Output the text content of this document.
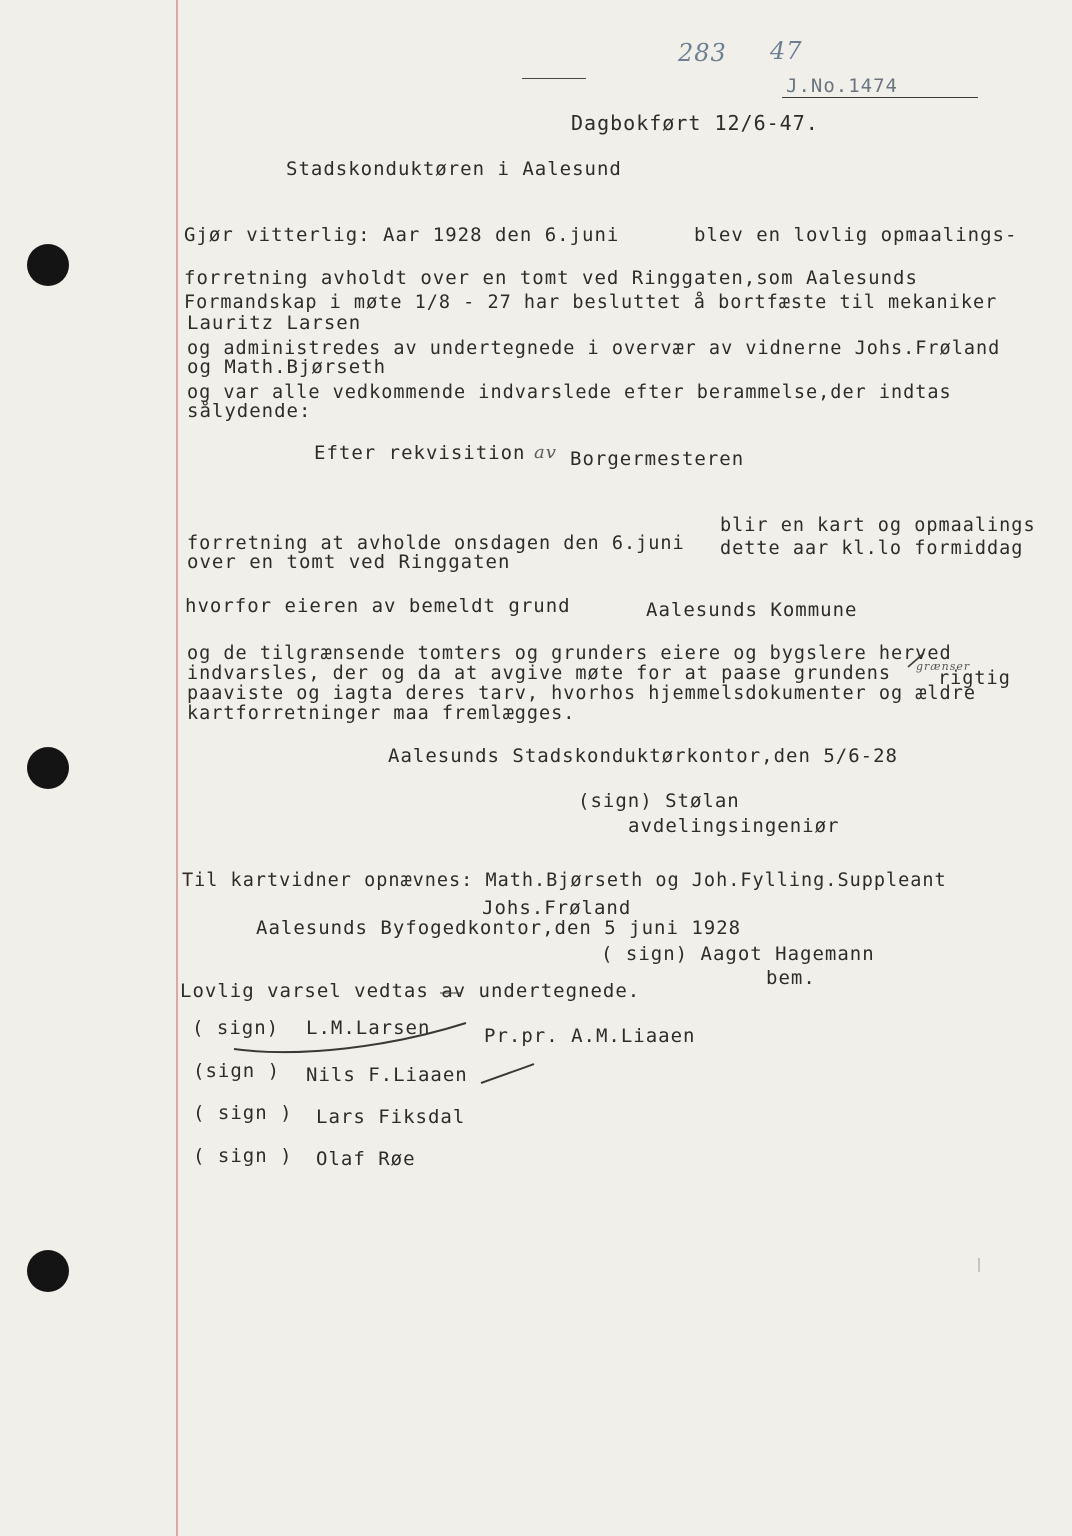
283 47
J.No.1474
Dagbokført 12/6-47.
Stadskonduktøren i Aalesund
Gjør vitterlig: Aar 1928 den 6.juni	blev en lovlig opmaalings-
forretning avholdt over en tomt ved Ringgaten,som Aalesunds
Formandskap i møte 1/8 - 27 har besluttet å bortfæste til mekaniker
Lauritz Larsen
og administredes av undertegnede i overvær av vidnerne Johs.Frøland
og Math.Bjørseth
og var alle vedkommende indvarslede efter berammelse,der indtas
sålydende:
Efter rekvisition av Borgermesteren
blir en kart og opmaalings
forretning at avholde onsdagen den 6.juni dette aar kl.lo formiddag
over en tomt ved Ringgaten
hvorfor eieren av bemeldt grund	Aalesunds Kommune
og de tilgrænsende tomters og grunders eiere og bygslere herved
indvarsles, der og da at avgive møte for at paase grundens grænser
rigtig
paaviste og iagta deres tarv, hvorhos hjemmelsdokumenter og ældre
kartforretninger maa fremlægges.
Aalesunds Stadskonduktørkontor,den 5/6-28
(sign) Stølan
avdelingsingeniør
Til kartvidner opnævnes: Math.Bjørseth og Joh.Fylling.Suppleant
Johs.Frøland
Aalesunds Byfogedkontor,den 5 juni 1928
( sign) Aagot Hagemann
bem.
Lovlig varsel vedtas av undertegnede.
( sign) L.M.Larsen	Pr.pr. A.M.Liaaen
(sign ) Nils F.Liaaen
( sign ) Lars Fiksdal
( sign ) Olaf Røe
